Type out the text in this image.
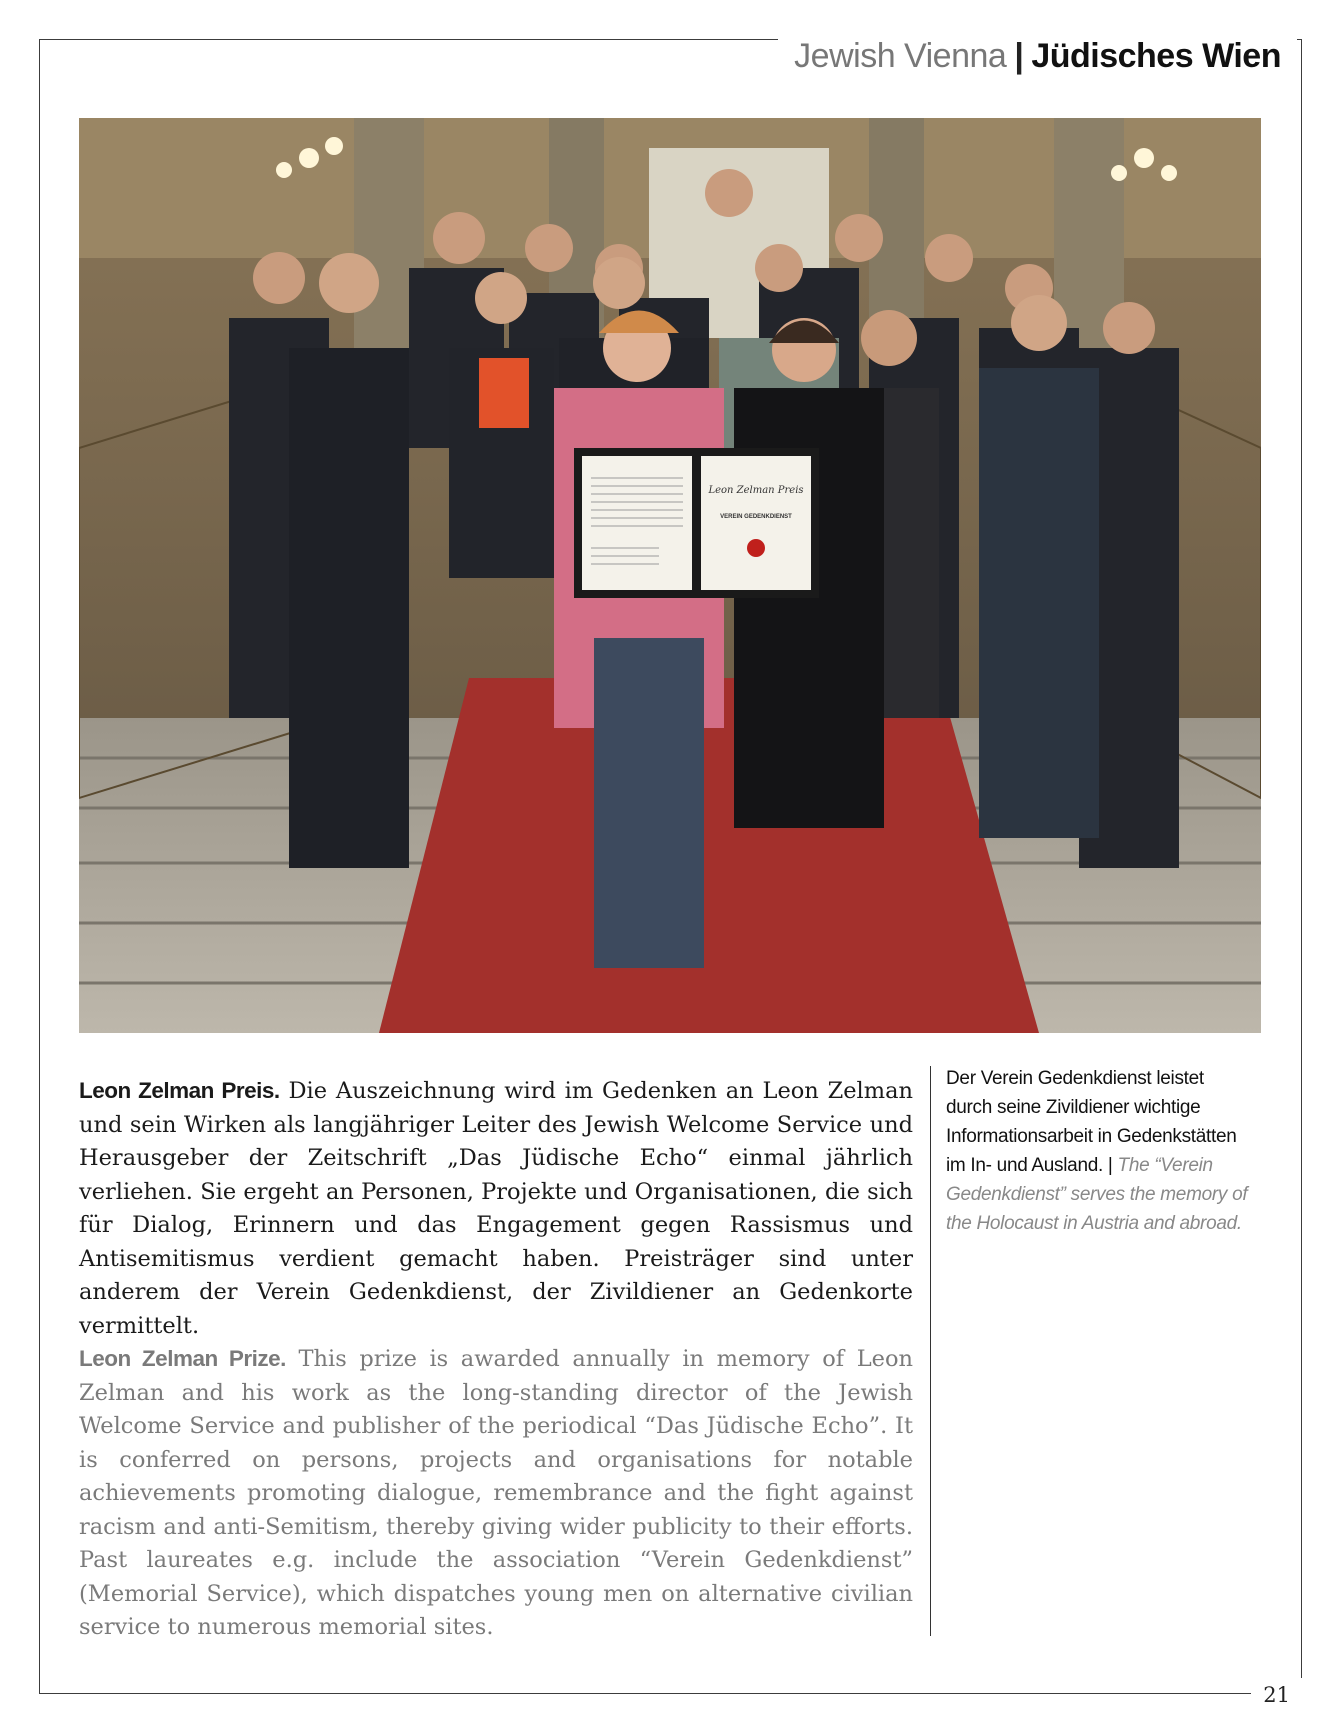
Jewish Vienna | Jüdisches Wien
Leon Zelman Preis
VEREIN GEDENKDIENST

Leon Zelman Preis. Die Auszeichnung wird im Gedenken an Leon Zelman und sein Wirken als langjähriger Leiter des Jewish Welcome Service und Herausgeber der Zeitschrift „Das Jüdische Echo“ einmal jährlich verliehen. Sie ergeht an Personen, Projekte und Organisationen, die sich für Dialog, Erinnern und das Engagement gegen Rassismus und Antisemitismus verdient gemacht haben. Preisträger sind unter anderem der Verein Gedenkdienst, der Zivildiener an Gedenkorte vermittelt.

Leon Zelman Prize. This prize is awarded annually in memory of Leon Zelman and his work as the long-standing director of the Jewish Welcome Service and publisher of the periodical “Das Jüdische Echo”. It is conferred on persons, projects and organisations for notable achievements promoting dialogue, remembrance and the fight against racism and anti-Semitism, thereby giving wider publicity to their efforts. Past laureates e.g. include the association “Verein Gedenkdienst” (Memorial Service), which dispatches young men on alternative civilian service to numerous memorial sites.

Der Verein Gedenkdienst leistet durch seine Zivildiener wichtige Informationsarbeit in Gedenkstätten im In- und Ausland. | The “Verein Gedenkdienst” serves the memory of the Holocaust in Austria and abroad.

21
